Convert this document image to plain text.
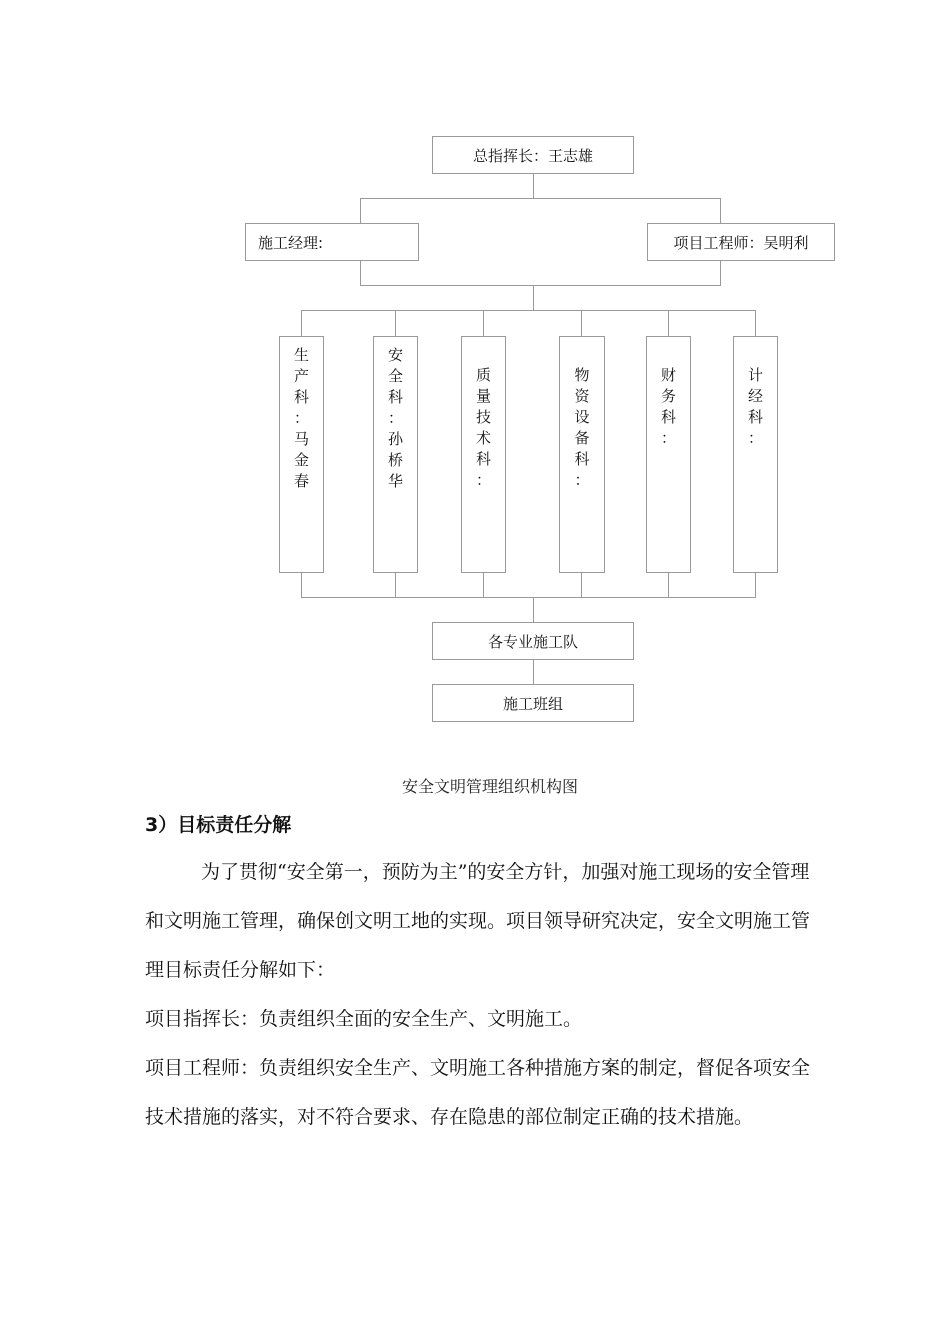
总指挥长：王志雄
施工经理:	项目工程师：吴明利
生
产
科
：
马
金
春
安
全
科
：
孙
桥
华
质
量
技
术
科
：
物
资
设
备
科
：
财
务
科
：
计
经
科
：
各专业施工队
施工班组
安全文明管理组织机构图
3）目标责任分解

为了贯彻“安全第一，预防为主”的安全方针，加强对施工现场的安全管理和文明施工管理，确保创文明工地的实现。项目领导研究决定，安全文明施工管理目标责任分解如下：

项目指挥长：负责组织全面的安全生产、文明施工。

项目工程师：负责组织安全生产、文明施工各种措施方案的制定，督促各项安全技术措施的落实，对不符合要求、存在隐患的部位制定正确的技术措施。
